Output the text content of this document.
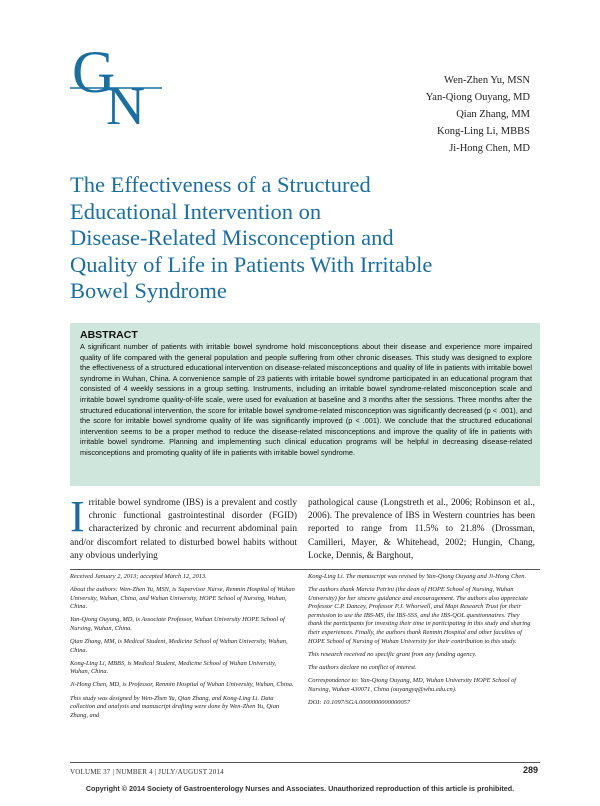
G
N	Wen-Zhen Yu, MSN
Yan-Qiong Ouyang, MD
Qian Zhang, MM
Kong-Ling Li, MBBS
Ji-Hong Chen, MD
The Effectiveness of a Structured
Educational Intervention on
Disease-Related Misconception and
Quality of Life in Patients With Irritable
Bowel Syndrome
ABSTRACT
A significant number of patients with irritable bowel syndrome hold misconceptions about their disease and experience more impaired quality of life compared with the general population and people suffering from other chronic diseases. This study was designed to explore the effectiveness of a structured educational intervention on disease-related misconceptions and quality of life in patients with irritable bowel syndrome in Wuhan, China. A convenience sample of 23 patients with irritable bowel syndrome participated in an educational program that consisted of 4 weekly sessions in a group setting. Instruments, including an irritable bowel syndrome-related misconception scale and irritable bowel syndrome quality-of-life scale, were used for evaluation at baseline and 3 months after the sessions. Three months after the structured educational intervention, the score for irritable bowel syndrome-related misconception was significantly decreased (p < .001), and the score for irritable bowel syndrome quality of life was significantly improved (p < .001). We conclude that the structured educational intervention seems to be a proper method to reduce the disease-related misconceptions and improve the quality of life in patients with irritable bowel syndrome. Planning and implementing such clinical education programs will be helpful in decreasing disease-related misconceptions and promoting quality of life in patients with irritable bowel syndrome.
I rritable bowel syndrome (IBS) is a prevalent and costly chronic functional gastrointestinal disorder (FGID) characterized by chronic and recurrent abdominal pain and/or discomfort related to disturbed bowel habits without any obvious underlying
pathological cause (Longstreth et al., 2006; Robinson et al., 2006). The prevalence of IBS in Western countries has been reported to range from 11.5% to 21.8% (Drossman, Camilleri, Mayer, & Whitehead, 2002; Hungin, Chang, Locke, Dennis, & Barghout,

Received January 2, 2013; accepted March 12, 2013.

About the authors: Wen-Zhen Yu, MSN, is Supervisor Nurse, Renmin Hospital of Wuhan University, Wuhan, China, and Wuhan University, HOPE School of Nursing, Wuhan, China.

Yan-Qiong Ouyang, MD, is Associate Professor, Wuhan University HOPE School of Nursing, Wuhan, China.

Qian Zhang, MM, is Medical Student, Medicine School of Wuhan University, Wuhan, China.

Kong-Ling Li, MBBS, is Medical Student, Medicine School of Wuhan University, Wuhan, China.

Ji-Hong Chen, MD, is Professor, Renmin Hospital of Wuhan University, Wuhan, China.

This study was designed by Wen-Zhen Yu, Qian Zhang, and Kong-Ling Li. Data collection and analysis and manuscript drafting were done by Wen-Zhen Yu, Qian Zhang, and

Kong-Ling Li. The manuscript was revised by Yan-Qiong Ouyang and Ji-Hong Chen.

The authors thank Marcia Petrini (the dean of HOPE School of Nursing, Wuhan University) for her sincere guidance and encouragement. The authors also appreciate Professor C.P. Dancey, Professor P.J. Whorwell, and Mapi Research Trust for their permission to use the IBS-MS, the IBS-SSS, and the IBS-QOL questionnaires. They thank the participants for investing their time in participating in this study and sharing their experiences. Finally, the authors thank Renmin Hospital and other faculties of HOPE School of Nursing of Wuhan University for their contribution to this study.

This research received no specific grant from any funding agency.

The authors declare no conflict of interest.

Correspondence to: Yan-Qiong Ouyang, MD, Wuhan University HOPE School of Nursing, Wuhan 430071, China (ouyangyq@whu.edu.cn).

DOI: 10.1097/SGA.0000000000000057

VOLUME 37 | NUMBER 4 | JULY/AUGUST 2014	289
Copyright © 2014 Society of Gastroenterology Nurses and Associates. Unauthorized reproduction of this article is prohibited.
